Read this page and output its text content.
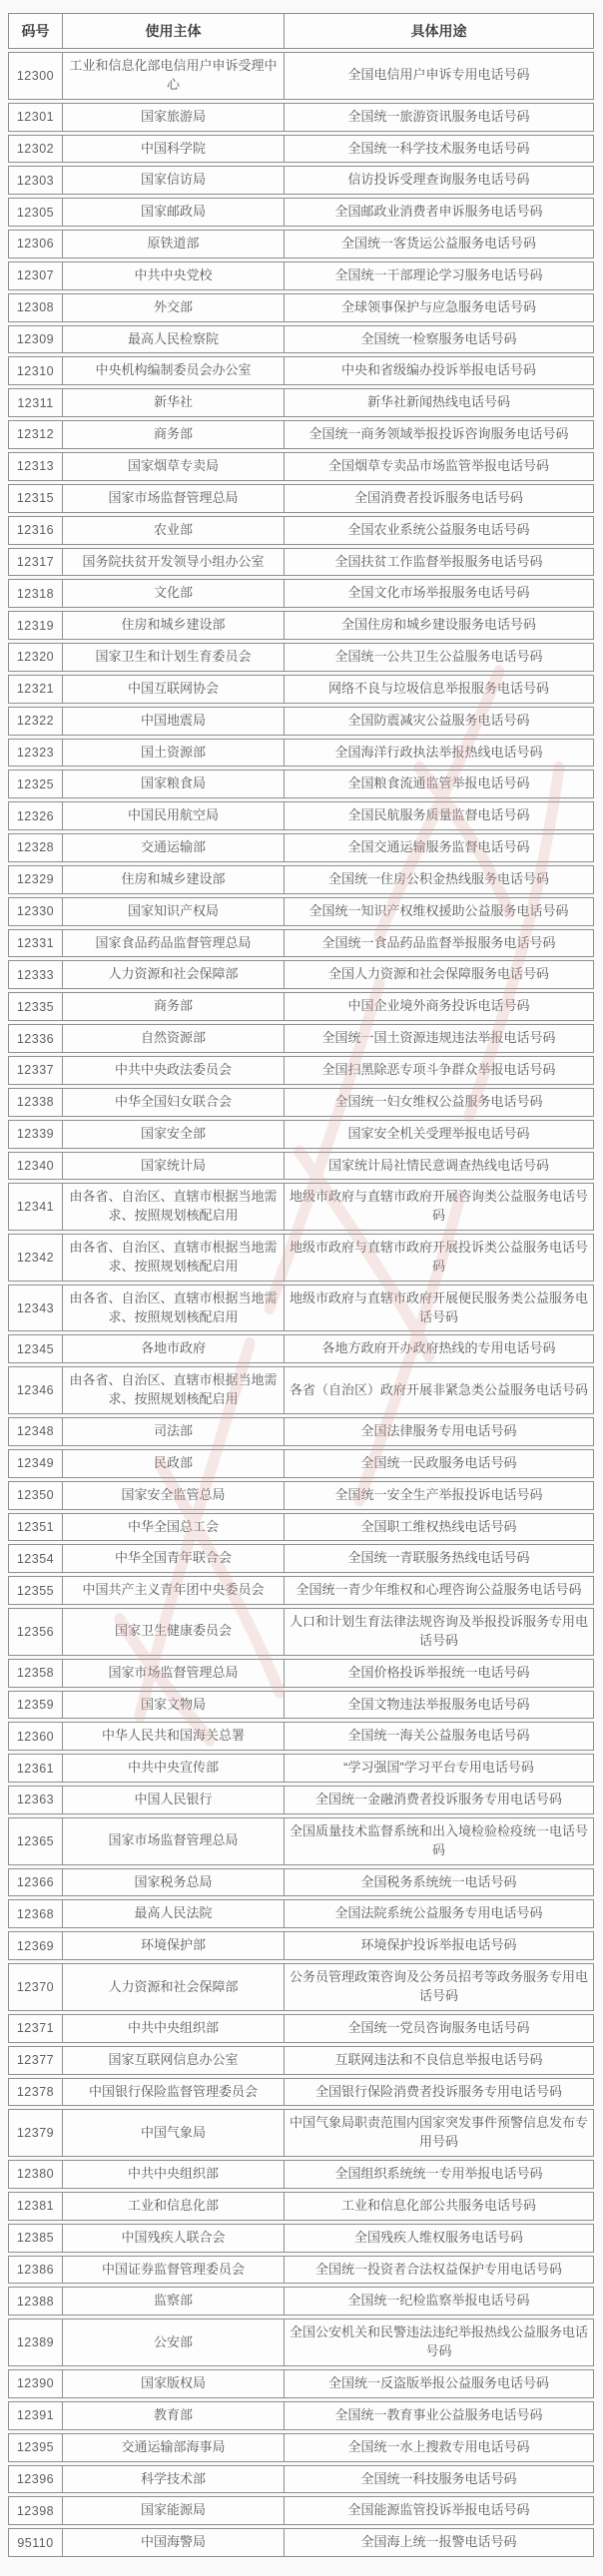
码号	使用主体	具体用途
12300	工业和信息化部电信用户申诉受理中心	全国电信用户申诉专用电话号码
12301	国家旅游局	全国统一旅游资讯服务电话号码
12302	中国科学院	全国统一科学技术服务电话号码
12303	国家信访局	信访投诉受理查询服务电话号码
12305	国家邮政局	全国邮政业消费者申诉服务电话号码
12306	原铁道部	全国统一客货运公益服务电话号码
12307	中共中央党校	全国统一干部理论学习服务电话号码
12308	外交部	全球领事保护与应急服务电话号码
12309	最高人民检察院	全国统一检察服务电话号码
12310	中央机构编制委员会办公室	中央和省级编办投诉举报电话号码
12311	新华社	新华社新闻热线电话号码
12312	商务部	全国统一商务领域举报投诉咨询服务电话号码
12313	国家烟草专卖局	全国烟草专卖品市场监管举报电话号码
12315	国家市场监督管理总局	全国消费者投诉服务电话号码
12316	农业部	全国农业系统公益服务电话号码
12317	国务院扶贫开发领导小组办公室	全国扶贫工作监督举报服务电话号码
12318	文化部	全国文化市场举报服务电话号码
12319	住房和城乡建设部	全国住房和城乡建设服务电话号码
12320	国家卫生和计划生育委员会	全国统一公共卫生公益服务电话号码
12321	中国互联网协会	网络不良与垃圾信息举报服务电话号码
12322	中国地震局	全国防震减灾公益服务电话号码
12323	国土资源部	全国海洋行政执法举报热线电话号码
12325	国家粮食局	全国粮食流通监管举报电话号码
12326	中国民用航空局	全国民航服务质量监督电话号码
12328	交通运输部	全国交通运输服务监督电话号码
12329	住房和城乡建设部	全国统一住房公积金热线服务电话号码
12330	国家知识产权局	全国统一知识产权维权援助公益服务电话号码
12331	国家食品药品监督管理总局	全国统一食品药品监督举报服务电话号码
12333	人力资源和社会保障部	全国人力资源和社会保障服务电话号码
12335	商务部	中国企业境外商务投诉电话号码
12336	自然资源部	全国统一国土资源违规违法举报电话号码
12337	中共中央政法委员会	全国扫黑除恶专项斗争群众举报电话号码
12338	中华全国妇女联合会	全国统一妇女维权公益服务电话号码
12339	国家安全部	国家安全机关受理举报电话号码
12340	国家统计局	国家统计局社情民意调查热线电话号码
12341	由各省、自治区、直辖市根据当地需求、按照规划核配启用	地级市政府与直辖市政府开展咨询类公益服务电话号码
12342	由各省、自治区、直辖市根据当地需求、按照规划核配启用	地级市政府与直辖市政府开展投诉类公益服务电话号码
12343	由各省、自治区、直辖市根据当地需求、按照规划核配启用	地级市政府与直辖市政府开展便民服务类公益服务电话号码
12345	各地市政府	各地方政府开办政府热线的专用电话号码
12346	由各省、自治区、直辖市根据当地需求、按照规划核配启用	各省（自治区）政府开展非紧急类公益服务电话号码
12348	司法部	全国法律服务专用电话号码
12349	民政部	全国统一民政服务电话号码
12350	国家安全监管总局	全国统一安全生产举报投诉电话号码
12351	中华全国总工会	全国职工维权热线电话号码
12354	中华全国青年联合会	全国统一青联服务热线电话号码
12355	中国共产主义青年团中央委员会	全国统一青少年维权和心理咨询公益服务电话号码
12356	国家卫生健康委员会	人口和计划生育法律法规咨询及举报投诉服务专用电话号码
12358	国家市场监督管理总局	全国价格投诉举报统一电话号码
12359	国家文物局	全国文物违法举报服务电话号码
12360	中华人民共和国海关总署	全国统一海关公益服务电话号码
12361	中共中央宣传部	“学习强国”学习平台专用电话号码
12363	中国人民银行	全国统一金融消费者投诉服务专用电话号码
12365	国家市场监督管理总局	全国质量技术监督系统和出入境检验检疫统一电话号码
12366	国家税务总局	全国税务系统统一电话号码
12368	最高人民法院	全国法院系统公益服务专用电话号码
12369	环境保护部	环境保护投诉举报电话号码
12370	人力资源和社会保障部	公务员管理政策咨询及公务员招考等政务服务专用电话号码
12371	中共中央组织部	全国统一党员咨询服务电话号码
12377	国家互联网信息办公室	互联网违法和不良信息举报电话号码
12378	中国银行保险监督管理委员会	全国银行保险消费者投诉服务专用电话号码
12379	中国气象局	中国气象局职责范围内国家突发事件预警信息发布专用号码
12380	中共中央组织部	全国组织系统统一专用举报电话号码
12381	工业和信息化部	工业和信息化部公共服务电话号码
12385	中国残疾人联合会	全国残疾人维权服务电话号码
12386	中国证券监督管理委员会	全国统一投资者合法权益保护专用电话号码
12388	监察部	全国统一纪检监察举报电话号码
12389	公安部	全国公安机关和民警违法违纪举报热线公益服务电话号码
12390	国家版权局	全国统一反盗版举报公益服务电话号码
12391	教育部	全国统一教育事业公益服务电话号码
12395	交通运输部海事局	全国统一水上搜救专用电话号码
12396	科学技术部	全国统一科技服务电话号码
12398	国家能源局	全国能源监管投诉举报电话号码
95110	中国海警局	全国海上统一报警电话号码
